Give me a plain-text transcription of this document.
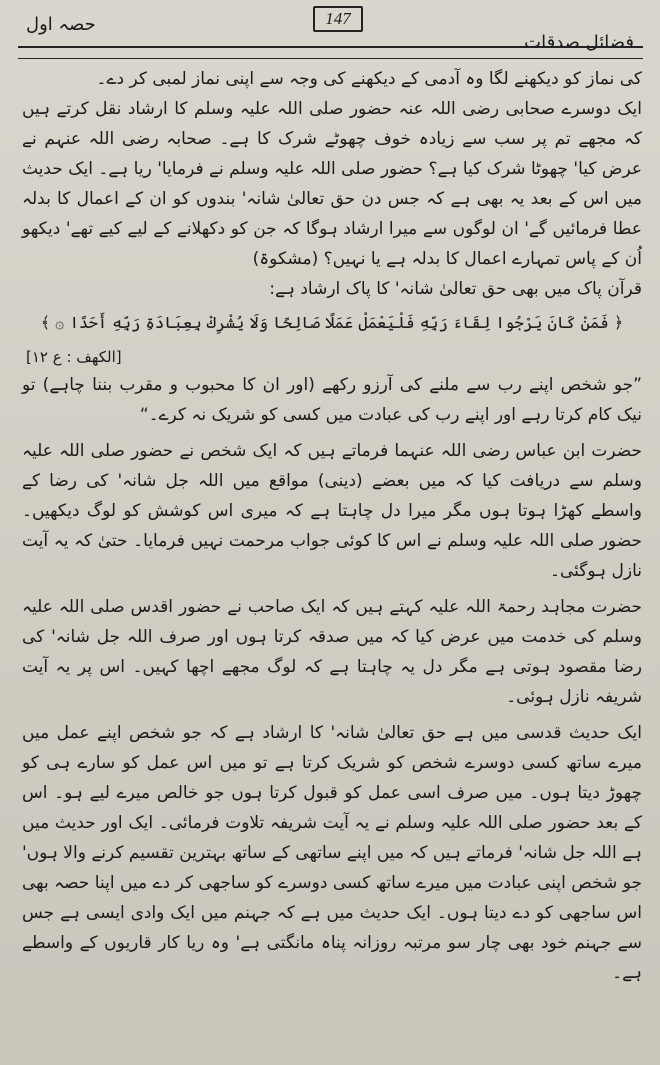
حصہ اول	147
فضائل صدقات

کی نماز کو دیکھنے لگا وہ آدمی کے دیکھنے کی وجہ سے اپنی نماز لمبی کر دے۔

ایک دوسرے صحابی رضی اللہ عنہ حضور صلی اللہ علیہ وسلم کا ارشاد نقل کرتے ہیں کہ مجھے تم پر سب سے زیادہ خوف چھوٹے شرک کا ہے۔ صحابہ رضی اللہ عنہم نے عرض کیا' چھوٹا شرک کیا ہے؟ حضور صلی اللہ علیہ وسلم نے فرمایا' ریا ہے۔ ایک حدیث میں اس کے بعد یہ بھی ہے کہ جس دن حق تعالیٰ شانہ' بندوں کو ان کے اعمال کا بدلہ عطا فرمائیں گے' ان لوگوں سے میرا ارشاد ہوگا کہ جن کو دکھلانے کے لیے کیے تھے' دیکھو اُن کے پاس تمہارے اعمال کا بدلہ ہے یا نہیں؟ (مشکوۃ)

قرآن پاک میں بھی حق تعالیٰ شانہ' کا پاک ارشاد ہے:

﴿ فَمَنْ كَانَ يَرْجُوا لِقَاءَ رَبِّهِ فَلْيَعْمَلْ عَمَلًا صَالِحًا وَلَا يُشْرِكْ بِعِبَادَةِ رَبِّهِ أَحَدًا ۞ ﴾

[الکھف : ع ۱۲]

”جو شخص اپنے رب سے ملنے کی آرزو رکھے (اور ان کا محبوب و مقرب بننا چاہے) تو نیک کام کرتا رہے اور اپنے رب کی عبادت میں کسی کو شریک نہ کرے۔“

حضرت ابن عباس رضی اللہ عنہما فرماتے ہیں کہ ایک شخص نے حضور صلی اللہ علیہ وسلم سے دریافت کیا کہ میں بعضے (دینی) مواقع میں اللہ جل شانہ' کی رضا کے واسطے کھڑا ہوتا ہوں مگر میرا دل چاہتا ہے کہ میری اس کوشش کو لوگ دیکھیں۔ حضور صلی اللہ علیہ وسلم نے اس کا کوئی جواب مرحمت نہیں فرمایا۔ حتیٰ کہ یہ آیت نازل ہوگئی۔

حضرت مجاہد رحمۃ اللہ علیہ کہتے ہیں کہ ایک صاحب نے حضور اقدس صلی اللہ علیہ وسلم کی خدمت میں عرض کیا کہ میں صدقہ کرتا ہوں اور صرف اللہ جل شانہ' کی رضا مقصود ہوتی ہے مگر دل یہ چاہتا ہے کہ لوگ مجھے اچھا کہیں۔ اس پر یہ آیت شریفہ نازل ہوئی۔

ایک حدیث قدسی میں ہے حق تعالیٰ شانہ' کا ارشاد ہے کہ جو شخص اپنے عمل میں میرے ساتھ کسی دوسرے شخص کو شریک کرتا ہے تو میں اس عمل کو سارے ہی کو چھوڑ دیتا ہوں۔ میں صرف اسی عمل کو قبول کرتا ہوں جو خالص میرے لیے ہو۔ اس کے بعد حضور صلی اللہ علیہ وسلم نے یہ آیت شریفہ تلاوت فرمائی۔ ایک اور حدیث میں ہے اللہ جل شانہ' فرماتے ہیں کہ میں اپنے ساتھی کے ساتھ بہترین تقسیم کرنے والا ہوں' جو شخص اپنی عبادت میں میرے ساتھ کسی دوسرے کو ساجھی کر دے میں اپنا حصہ بھی اس ساجھی کو دے دیتا ہوں۔ ایک حدیث میں ہے کہ جہنم میں ایک وادی ایسی ہے جس سے جہنم خود بھی چار سو مرتبہ روزانہ پناہ مانگتی ہے' وہ ریا کار قاریوں کے واسطے ہے۔
